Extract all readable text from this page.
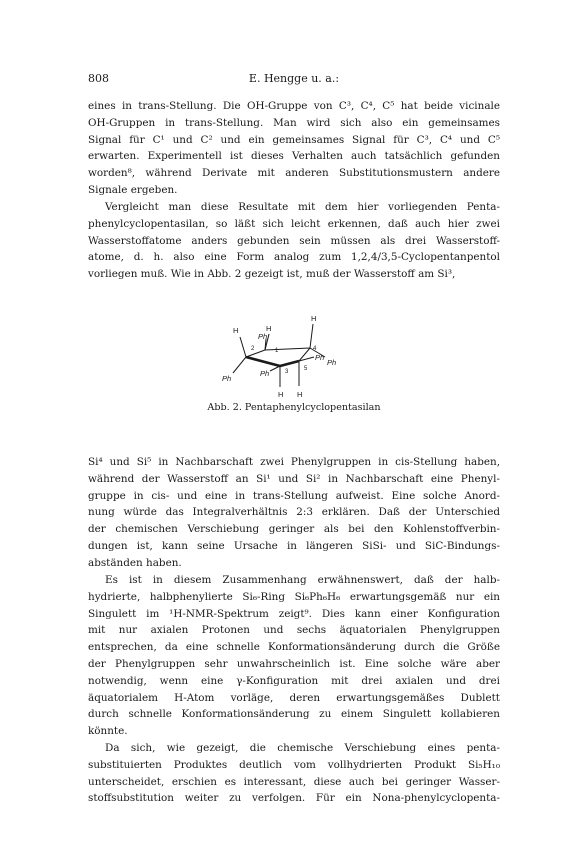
808	E. Hengge u. a.:
eines in trans-Stellung. Die OH-Gruppe von C³, C⁴, C⁵ hat beide vicinale
OH-Gruppen in trans-Stellung. Man wird sich also ein gemeinsames
Signal für C¹ und C² und ein gemeinsames Signal für C³, C⁴ und C⁵
erwarten. Experimentell ist dieses Verhalten auch tatsächlich gefunden
worden⁸, während Derivate mit anderen Substitutionsmustern andere
Signale ergeben.
Vergleicht man diese Resultate mit dem hier vorliegenden Penta-
phenylcyclopentasilan, so läßt sich leicht erkennen, daß auch hier zwei
Wasserstoffatome anders gebunden sein müssen als drei Wasserstoff-
atome, d. h. also eine Form analog zum 1,2,4/3,5-Cyclopentanpentol
vorliegen muß. Wie in Abb. 2 gezeigt ist, muß der Wasserstoff am Si³,
H	H
H
H H
Ph
Ph
Ph
Ph
Ph
1
2
3
4
5
Abb. 2. Pentaphenylcyclopentasilan
Si⁴ und Si⁵ in Nachbarschaft zwei Phenylgruppen in cis-Stellung haben,
während der Wasserstoff an Si¹ und Si² in Nachbarschaft eine Phenyl-
gruppe in cis- und eine in trans-Stellung aufweist. Eine solche Anord-
nung würde das Integralverhältnis 2:3 erklären. Daß der Unterschied
der chemischen Verschiebung geringer als bei den Kohlenstoffverbin-
dungen ist, kann seine Ursache in längeren SiSi- und SiC-Bindungs-
abständen haben.
Es ist in diesem Zusammenhang erwähnenswert, daß der halb-
hydrierte, halbphenylierte Si₆-Ring Si₆Ph₆H₆ erwartungsgemäß nur ein
Singulett im ¹H-NMR-Spektrum zeigt⁹. Dies kann einer Konfiguration
mit nur axialen Protonen und sechs äquatorialen Phenylgruppen
entsprechen, da eine schnelle Konformationsänderung durch die Größe
der Phenylgruppen sehr unwahrscheinlich ist. Eine solche wäre aber
notwendig, wenn eine γ-Konfiguration mit drei axialen und drei
äquatorialem H-Atom vorläge, deren erwartungsgemäßes Dublett
durch schnelle Konformationsänderung zu einem Singulett kollabieren
könnte.
Da sich, wie gezeigt, die chemische Verschiebung eines penta-
substituierten Produktes deutlich vom vollhydrierten Produkt Si₅H₁₀
unterscheidet, erschien es interessant, diese auch bei geringer Wasser-
stoffsubstitution weiter zu verfolgen. Für ein Nona-phenylcyclopenta-
